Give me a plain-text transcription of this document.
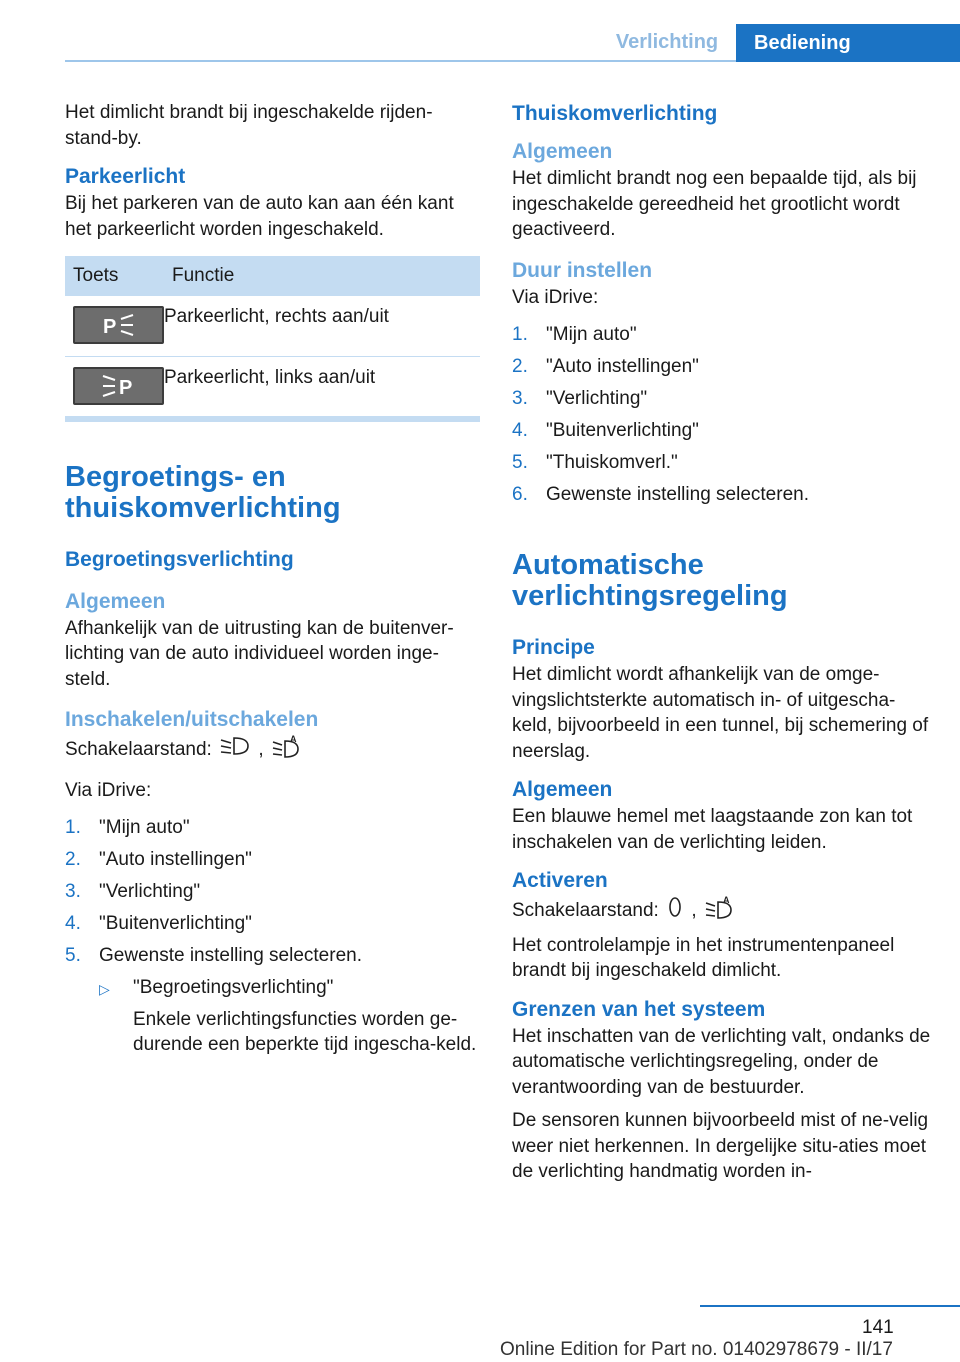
Verlichting	Bediening

Het dimlicht brandt bij ingeschakelde rijden-stand-by.

Parkeerlicht

Bij het parkeren van de auto kan aan één kant het parkeerlicht worden ingeschakeld.

Toets	Functie

P	Parkeerlicht, rechts aan/uit

P	Parkeerlicht, links aan/uit
Begroetings- en thuiskomverlichting
Begroetingsverlichting
Algemeen

Afhankelijk van de uitrusting kan de buitenver-lichting van de auto individueel worden inge-steld.

Inschakelen/uitschakelen

Schakelaarstand: ,	A

Via iDrive:

1. "Mijn auto"
2. "Auto instellingen"
3. "Verlichting"
4. "Buitenverlichting"
5. Gewenste instelling selecteren.
▷	"Begroetingsverlichting"
Enkele verlichtingsfuncties worden ge-durende een beperkte tijd ingescha-keld.
Thuiskomverlichting
Algemeen

Het dimlicht brandt nog een bepaalde tijd, als bij ingeschakelde gereedheid het grootlicht wordt geactiveerd.

Duur instellen

Via iDrive:

1. "Mijn auto"
2. "Auto instellingen"
3. "Verlichting"
4. "Buitenverlichting"
5. "Thuiskomverl."
6. Gewenste instelling selecteren.
Automatische verlichtingsregeling
Principe

Het dimlicht wordt afhankelijk van de omge-vingslichtsterkte automatisch in- of uitgescha-keld, bijvoorbeeld in een tunnel, bij schemering of neerslag.

Algemeen

Een blauwe hemel met laagstaande zon kan tot inschakelen van de verlichting leiden.

Activeren

Schakelaarstand: ,	A

Het controlelampje in het instrumentenpaneel brandt bij ingeschakeld dimlicht.

Grenzen van het systeem

Het inschatten van de verlichting valt, ondanks de automatische verlichtingsregeling, onder de verantwoording van de bestuurder.

De sensoren kunnen bijvoorbeeld mist of ne-velig weer niet herkennen. In dergelijke situ-aties moet de verlichting handmatig worden in-

141
Online Edition for Part no. 01402978679 - II/17
